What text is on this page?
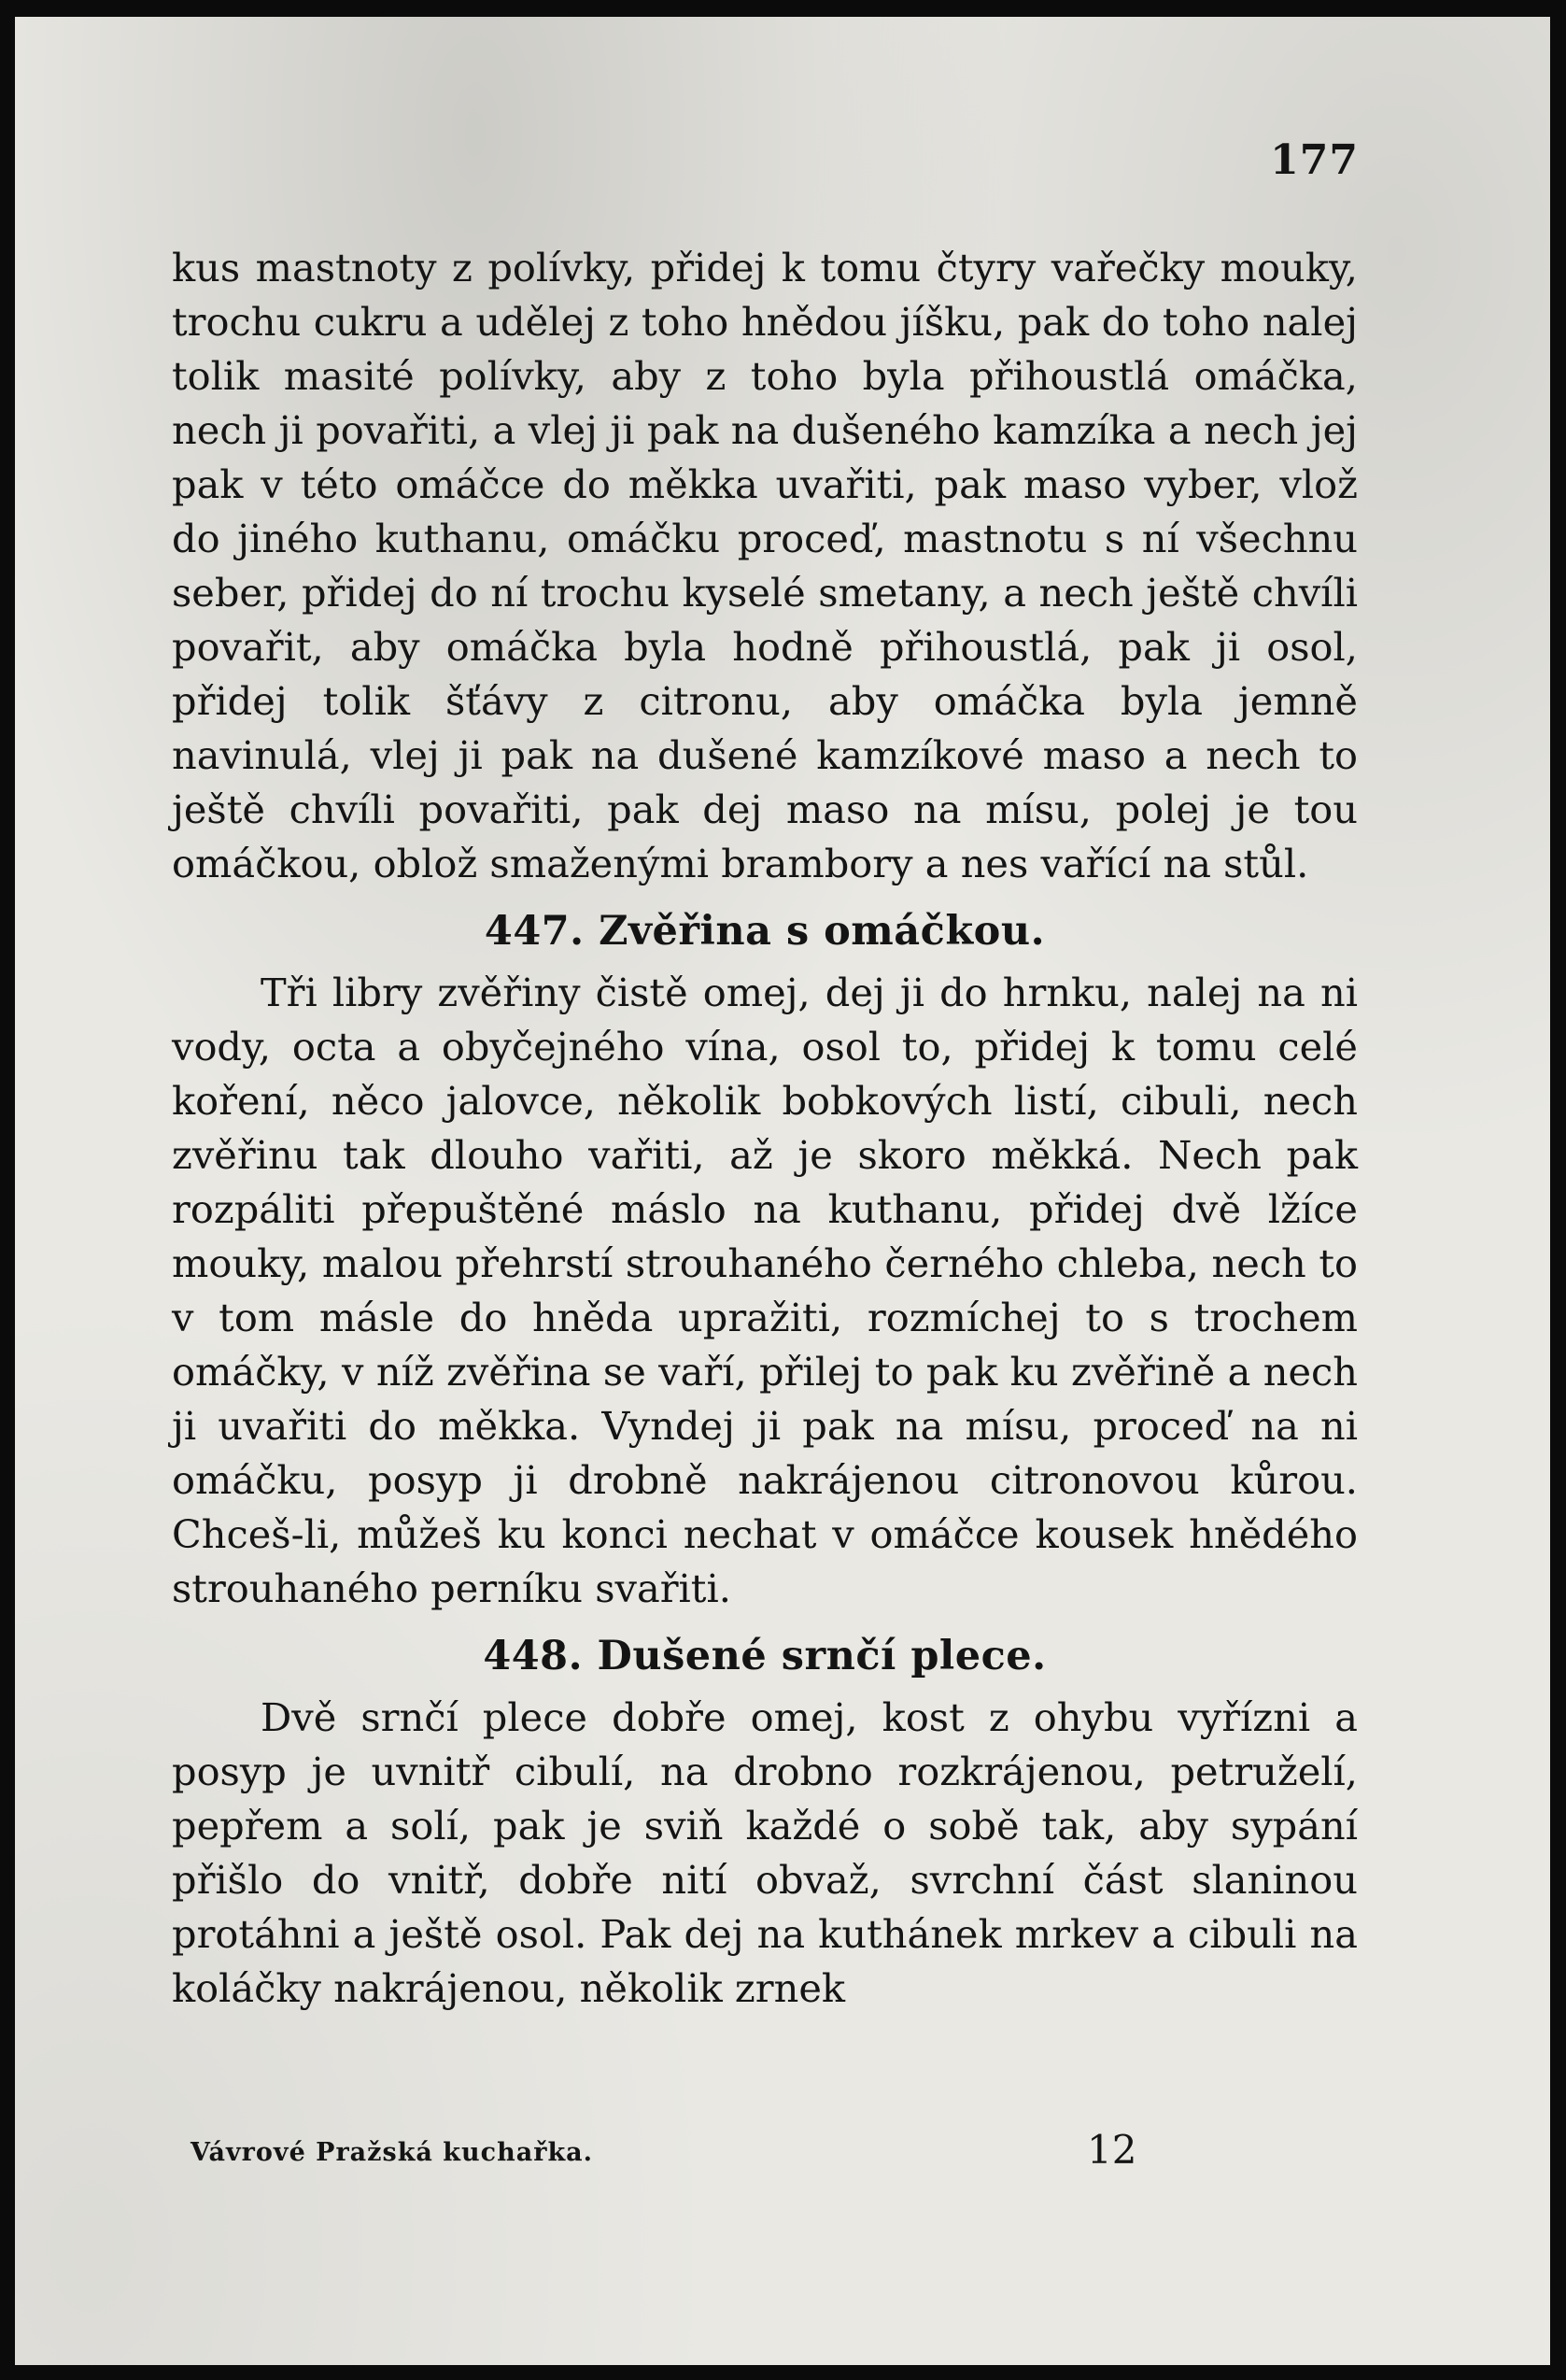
177

kus mastnoty z polívky, přidej k tomu čtyry vařečky mouky, trochu cukru a udělej z toho hnědou jíšku, pak do toho nalej tolik masité polívky, aby z toho byla přihoustlá omáčka, nech ji povařiti, a vlej ji pak na dušeného kamzíka a nech jej pak v této omáčce do měkka uvařiti, pak maso vyber, vlož do jiného kuthanu, omáčku proceď, mastnotu s ní všechnu seber, přidej do ní trochu kyselé smetany, a nech ještě chvíli povařit, aby omáčka byla hodně přihoustlá, pak ji osol, přidej tolik šťávy z citronu, aby omáčka byla jemně navinulá, vlej ji pak na dušené kamzíkové maso a nech to ještě chvíli povařiti, pak dej maso na mísu, polej je tou omáčkou, oblož smaženými brambory a nes vařící na stůl.

447. Zvěřina s omáčkou.

Tři libry zvěřiny čistě omej, dej ji do hrnku, nalej na ni vody, octa a obyčejného vína, osol to, přidej k tomu celé koření, něco jalovce, několik bobkových listí, cibuli, nech zvěřinu tak dlouho vařiti, až je skoro měkká. Nech pak rozpáliti přepuštěné máslo na kuthanu, přidej dvě lžíce mouky, malou přehrstí strouhaného černého chleba, nech to v tom másle do hněda upražiti, rozmíchej to s trochem omáčky, v níž zvěřina se vaří, přilej to pak ku zvěřině a nech ji uvařiti do měkka. Vyndej ji pak na mísu, proceď na ni omáčku, posyp ji drobně nakrájenou citronovou kůrou. Chceš-li, můžeš ku konci nechat v omáčce kousek hnědého strouhaného perníku svařiti.

448. Dušené srnčí plece.

Dvě srnčí plece dobře omej, kost z ohybu vyřízni a posyp je uvnitř cibulí, na drobno rozkrájenou, petruželí, pepřem a solí, pak je sviň každé o sobě tak, aby sypání přišlo do vnitř, dobře nití obvaž, svrchní část slaninou protáhni a ještě osol. Pak dej na kuthánek mrkev a cibuli na koláčky nakrájenou, několik zrnek

Vávrové Pražská kuchařka.	12
